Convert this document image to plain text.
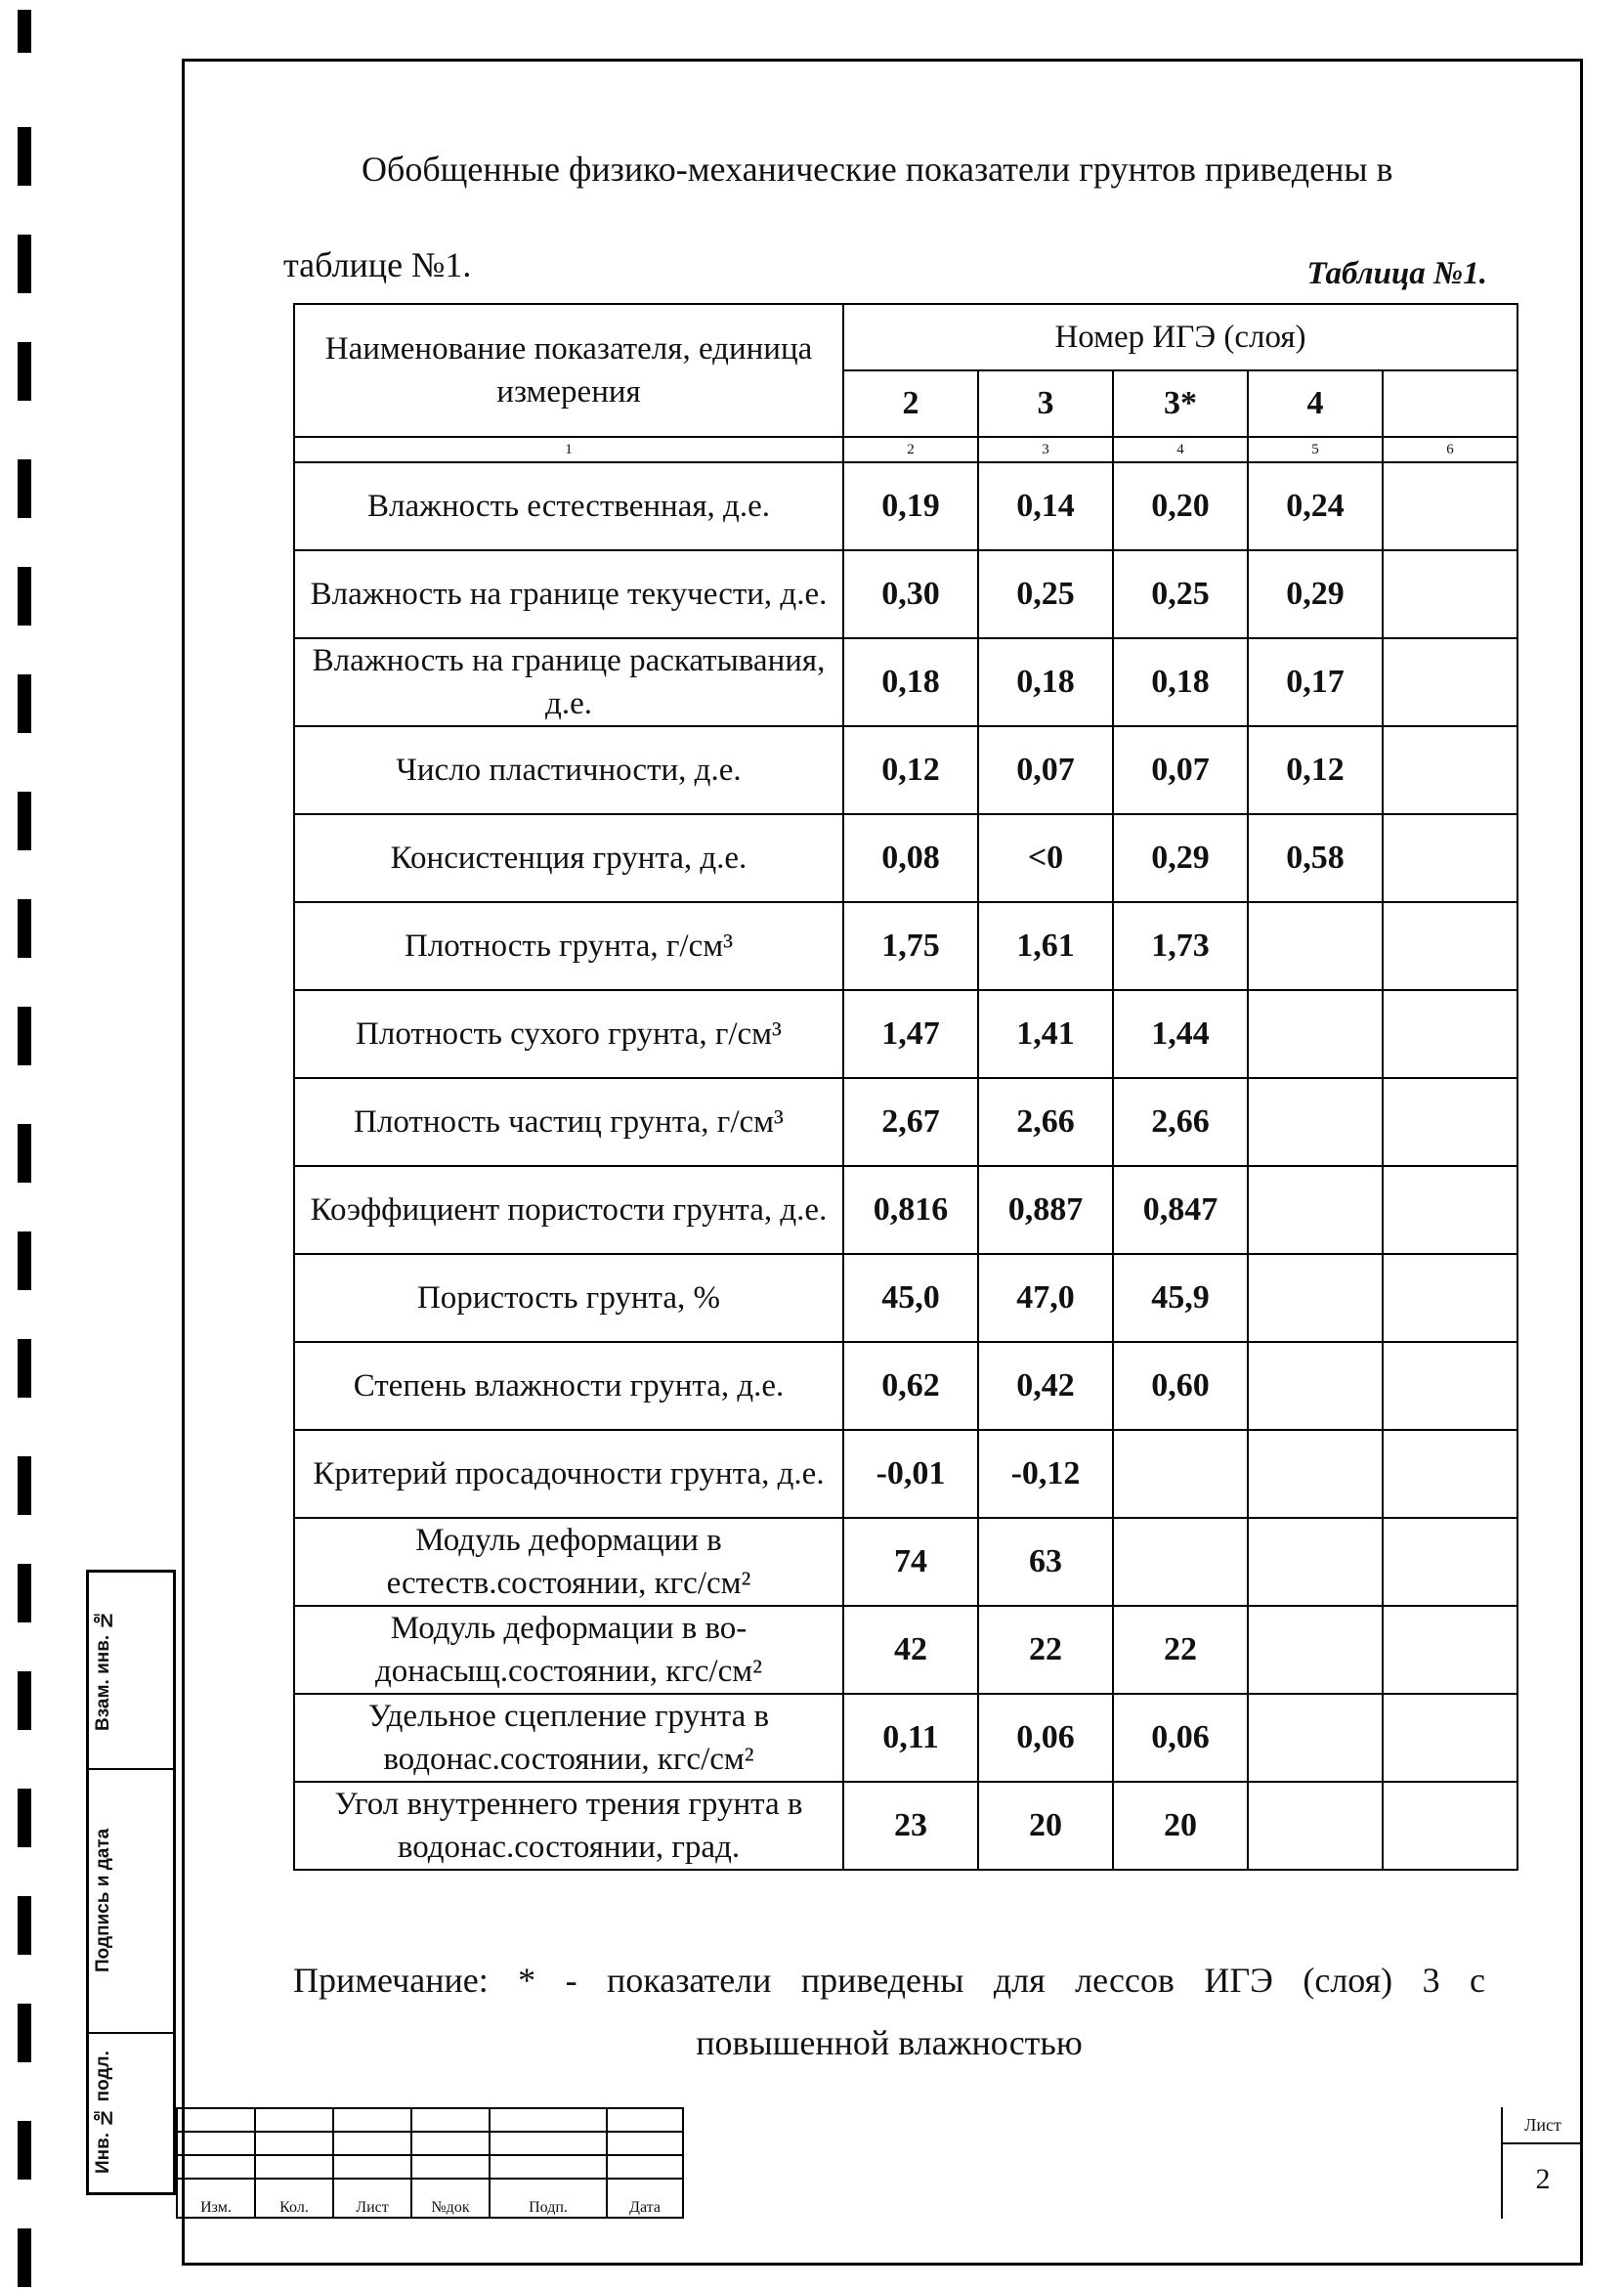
Обобщенные физико-механические показатели грунтов приведены в таблице №1.	Таблица №1.
Наименование показателя, единица измерения	Номер ИГЭ (слоя)				
	2	3	3*	4	
1	2	3	4	5	6
Влажность естественная, д.е.	0,19	0,14	0,20	0,24	
Влажность на границе текучести, д.е.	0,30	0,25	0,25	0,29	
Влажность на границе раскатывания, д.е.	0,18	0,18	0,18	0,17	
Число пластичности, д.е.	0,12	0,07	0,07	0,12	
Консистенция грунта, д.е.	0,08	<0	0,29	0,58	
Плотность грунта, г/см³	1,75	1,61	1,73		
Плотность сухого грунта, г/см³	1,47	1,41	1,44		
Плотность частиц грунта, г/см³	2,67	2,66	2,66		
Коэффициент пористости грунта, д.е.	0,816	0,887	0,847		
Пористость грунта, %	45,0	47,0	45,9		
Степень влажности грунта, д.е.	0,62	0,42	0,60		
Критерий просадочности грунта, д.е.	-0,01	-0,12			
Модуль деформации в естеств.состоянии, кгс/см²	74	63			
Модуль деформации в во-донасыщ.состоянии, кгс/см²	42	22	22		
Удельное сцепление грунта в водонас.состоянии, кгс/см²	0,11	0,06	0,06		
Угол внутреннего трения грунта в водонас.состоянии, град.	23	20	20		
Примечание: * - показатели приведены для лессов ИГЭ (слоя) 3 с
повышенной влажностью
Взам. инв. №
Подпись и дата
Инв. № подл.

Изм.	Кол.	Лист	№док	Подп.	Дата
Лист
2
